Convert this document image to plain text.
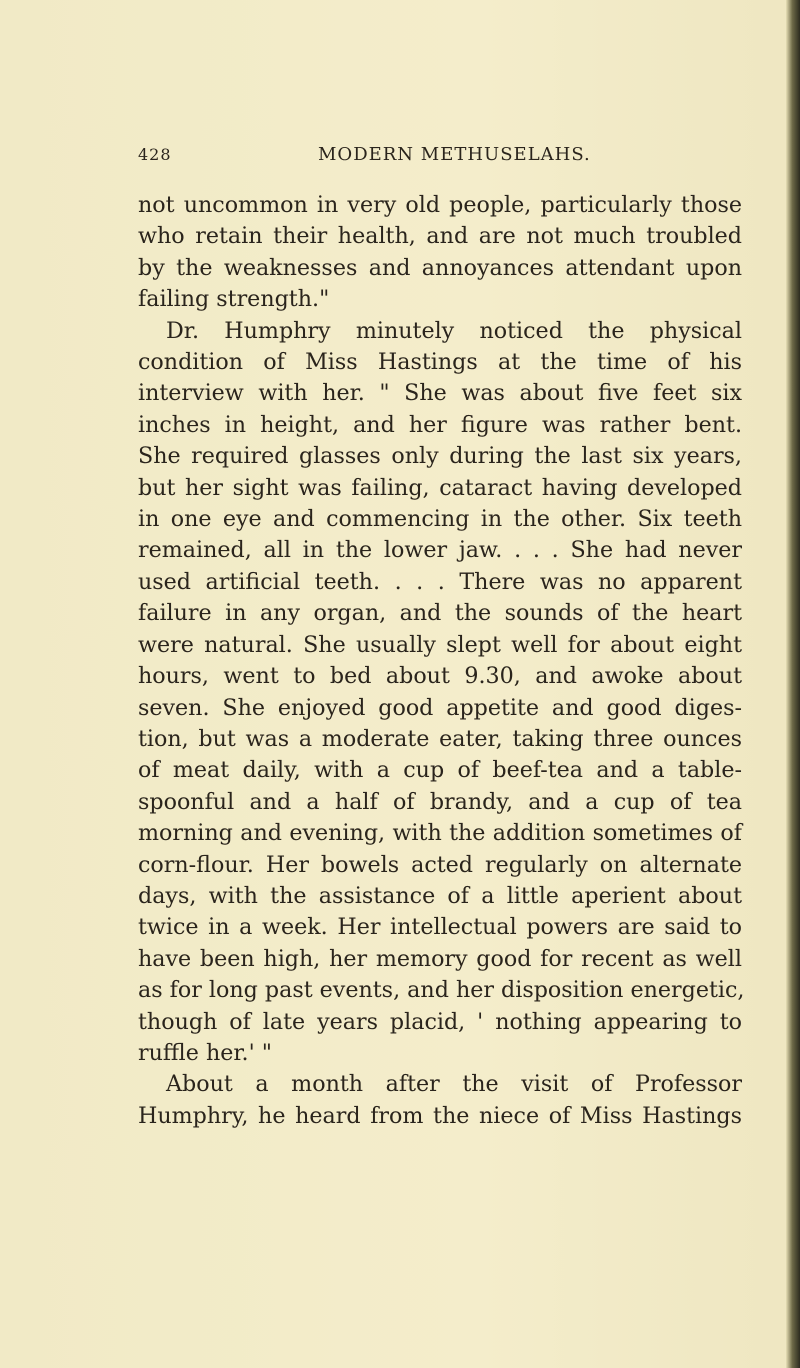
428	MODERN METHUSELAHS.
not uncommon in very old people, particularly those
who retain their health, and are not much troubled
by the weaknesses and annoyances attendant upon
failing strength."
Dr. Humphry minutely noticed the physical
condition of Miss Hastings at the time of his
interview with her. " She was about five feet six
inches in height, and her figure was rather bent.
She required glasses only during the last six years,
but her sight was failing, cataract having developed
in one eye and commencing in the other. Six teeth
remained, all in the lower jaw. . . . She had never
used artificial teeth. . . . There was no apparent
failure in any organ, and the sounds of the heart
were natural. She usually slept well for about eight
hours, went to bed about 9.30, and awoke about
seven. She enjoyed good appetite and good diges-
tion, but was a moderate eater, taking three ounces
of meat daily, with a cup of beef-tea and a table-
spoonful and a half of brandy, and a cup of tea
morning and evening, with the addition sometimes of
corn-flour. Her bowels acted regularly on alternate
days, with the assistance of a little aperient about
twice in a week. Her intellectual powers are said to
have been high, her memory good for recent as well
as for long past events, and her disposition energetic,
though of late years placid, ' nothing appearing to
ruffle her.' "
About a month after the visit of Professor
Humphry, he heard from the niece of Miss Hastings
